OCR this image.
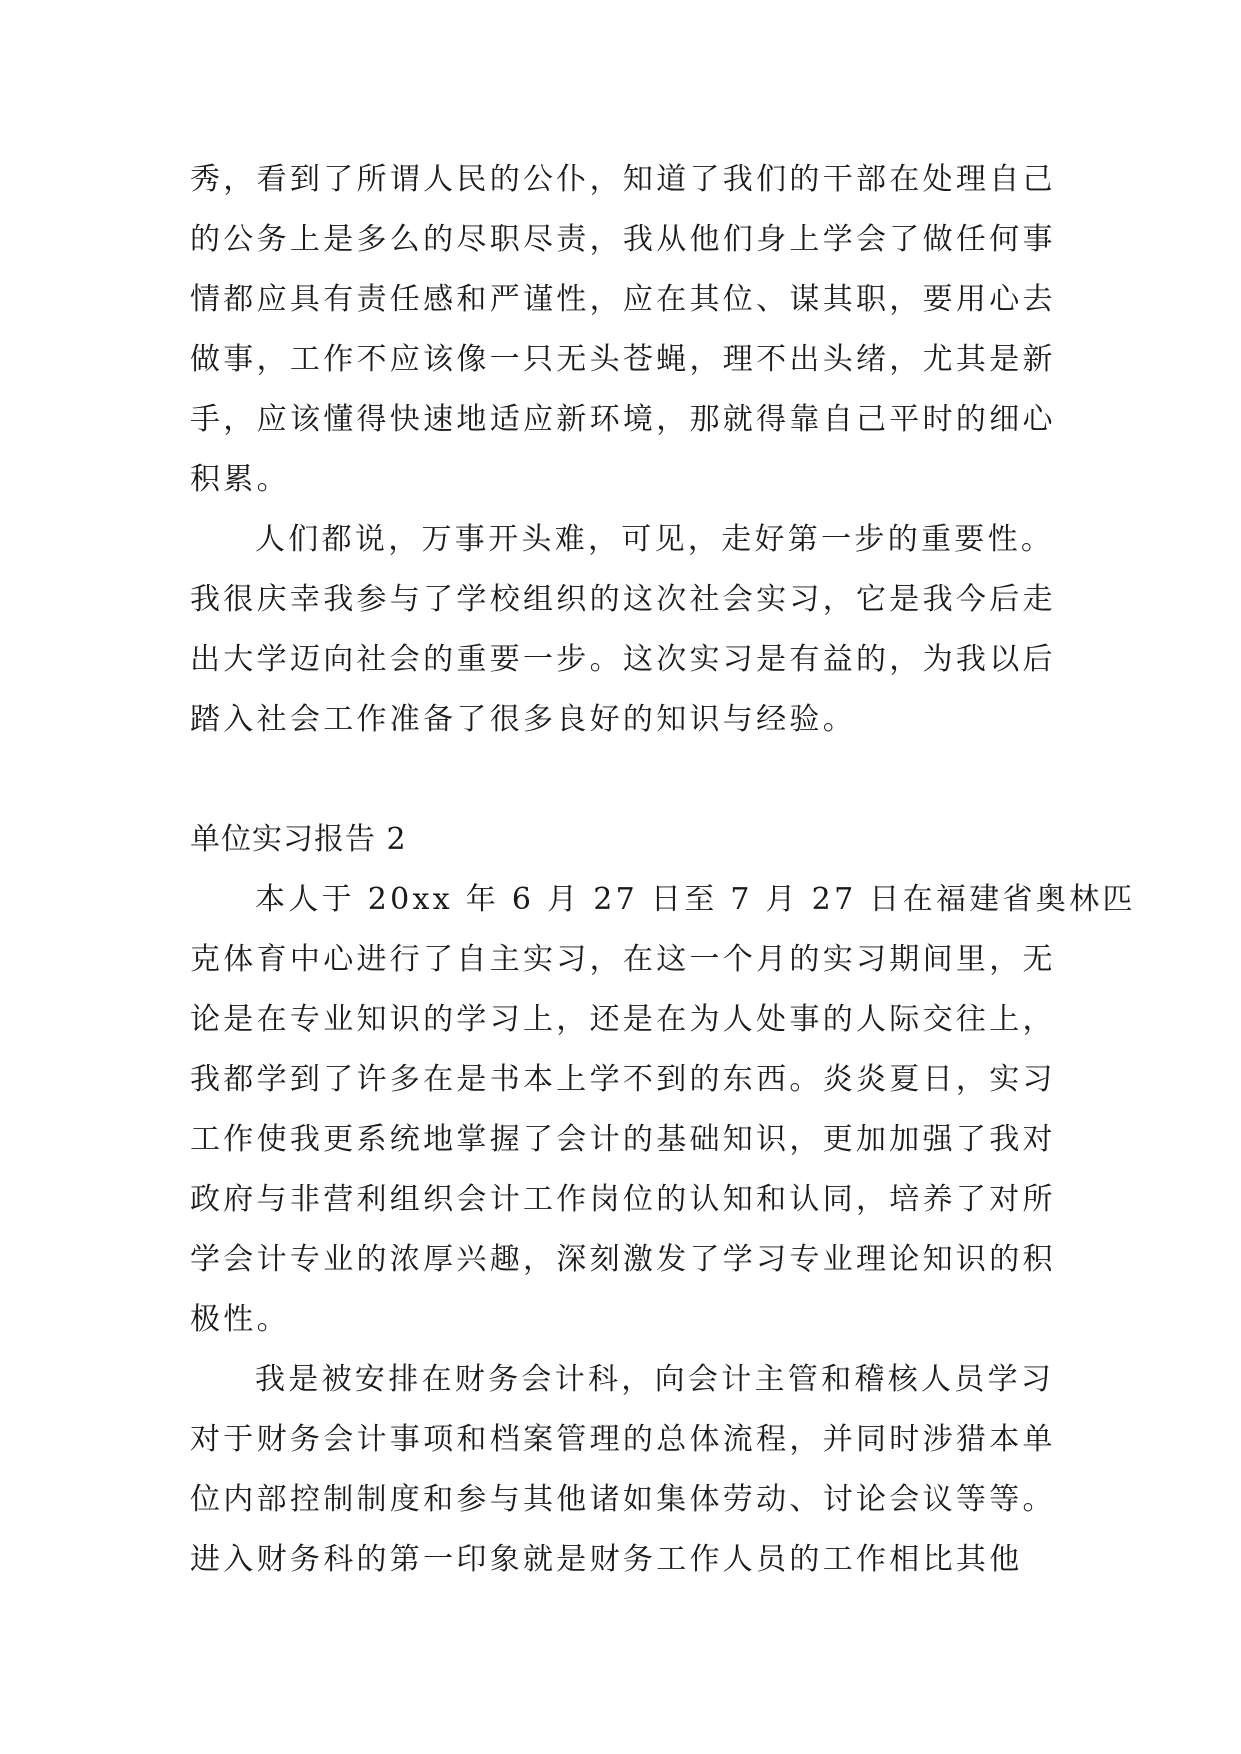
秀，看到了所谓人民的公仆，知道了我们的干部在处理自己
的公务上是多么的尽职尽责，我从他们身上学会了做任何事
情都应具有责任感和严谨性，应在其位、谋其职，要用心去
做事，工作不应该像一只无头苍蝇，理不出头绪，尤其是新
手，应该懂得快速地适应新环境，那就得靠自己平时的细心
积累。
人们都说，万事开头难，可见，走好第一步的重要性。
我很庆幸我参与了学校组织的这次社会实习，它是我今后走
出大学迈向社会的重要一步。这次实习是有益的，为我以后
踏入社会工作准备了很多良好的知识与经验。
单位实习报告 2
本人于 20xx 年 6 月 27 日至 7 月 27 日在福建省奥林匹
克体育中心进行了自主实习，在这一个月的实习期间里，无
论是在专业知识的学习上，还是在为人处事的人际交往上，
我都学到了许多在是书本上学不到的东西。炎炎夏日，实习
工作使我更系统地掌握了会计的基础知识，更加加强了我对
政府与非营利组织会计工作岗位的认知和认同，培养了对所
学会计专业的浓厚兴趣，深刻激发了学习专业理论知识的积
极性。
我是被安排在财务会计科，向会计主管和稽核人员学习
对于财务会计事项和档案管理的总体流程，并同时涉猎本单
位内部控制制度和参与其他诸如集体劳动、讨论会议等等。
进入财务科的第一印象就是财务工作人员的工作相比其他
